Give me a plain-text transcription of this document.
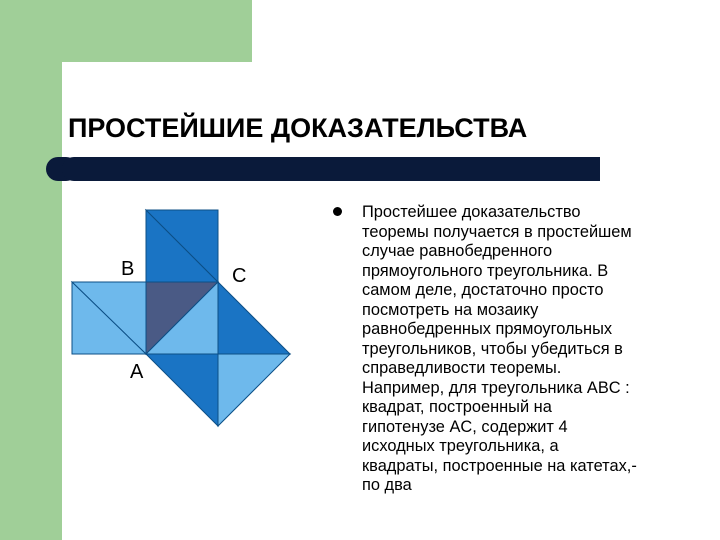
ПРОСТЕЙШИЕ ДОКАЗАТЕЛЬСТВА
B	C
A

Простейшее доказательство
теоремы получается в простейшем
случае равнобедренного
прямоугольного треугольника. В
самом деле, достаточно просто
посмотреть на мозаику
равнобедренных прямоугольных
треугольников, чтобы убедиться в
справедливости теоремы.
Например, для треугольника ABC :
квадрат, построенный на
гипотенузе AC, содержит 4
исходных треугольника, а
квадраты, построенные на катетах,-
по два
